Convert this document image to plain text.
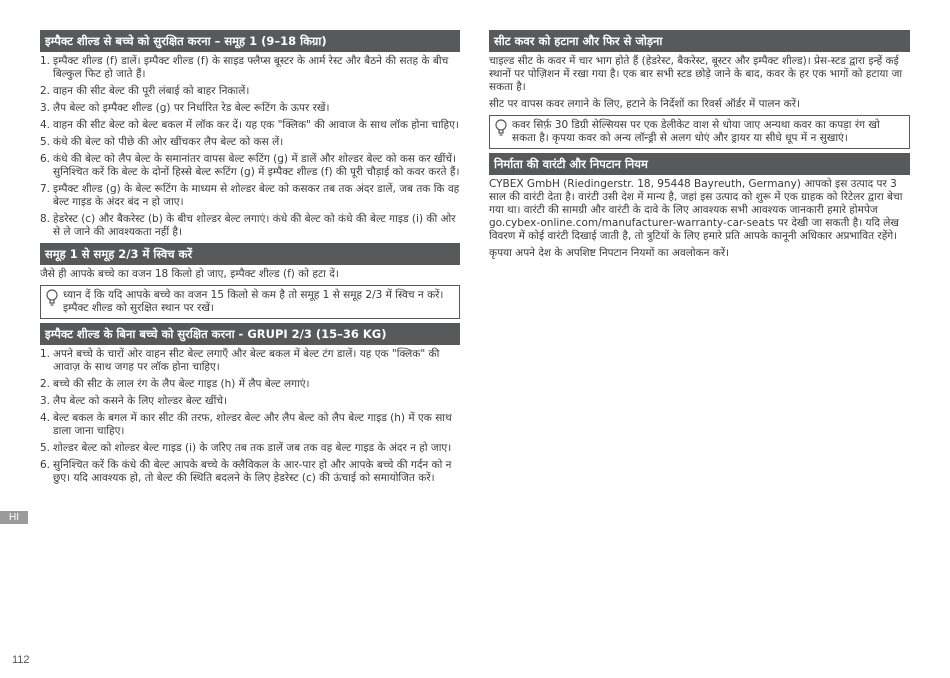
इम्पैक्ट शील्ड से बच्चे को सुरक्षित करना – समूह 1 (9–18 किग्रा)
1. इम्पैक्ट शील्ड (f) डालें। इम्पैक्ट शील्ड (f) के साइड फ्लैप्स बूस्टर के आर्म रेस्ट और बैठने की सतह के बीच बिल्कुल फिट हो जाते हैं।
2. वाहन की सीट बेल्ट की पूरी लंबाई को बाहर निकालें।
3. लैप बेल्ट को इम्पैक्ट शील्ड (g) पर निर्धारित रेड बेल्ट रूटिंग के ऊपर रखें।
4. वाहन की सीट बेल्ट को बेल्ट बकल में लॉक कर दें। यह एक "क्लिक" की आवाज के साथ लॉक होना चाहिए।
5. कंधे की बेल्ट को पीछे की ओर खींचकर लैप बेल्ट को कस लें।
6. कंधे की बेल्ट को लैप बेल्ट के समानांतर वापस बेल्ट रूटिंग (g) में डालें और शोल्डर बेल्ट को कस कर खींचें। सुनिश्चित करें कि बेल्ट के दोनों हिस्से बेल्ट रूटिंग (g) में इम्पैक्ट शील्ड (f) की पूरी चौड़ाई को कवर करते हैं।
7. इम्पैक्ट शील्ड (g) के बेल्ट रूटिंग के माध्यम से शोल्डर बेल्ट को कसकर तब तक अंदर डालें, जब तक कि वह बेल्ट गाइड के अंदर बंद न हो जाए।
8. हेडरेस्ट (c) और बैकरेस्ट (b) के बीच शोल्डर बेल्ट लगाएं। कंधे की बेल्ट को कंधे की बेल्ट गाइड (i) की ओर से ले जाने की आवश्यकता नहीं है।
समूह 1 से समूह 2/3 में स्विच करें

जैसे ही आपके बच्चे का वजन 18 किलो हो जाए, इम्पैक्ट शील्ड (f) को हटा दें।

ध्यान दें कि यदि आपके बच्चे का वजन 15 किलो से कम है तो समूह 1 से समूह 2/3 में स्विच न करें। इम्पैक्ट शील्ड को सुरक्षित स्थान पर रखें।
इम्पैक्ट शील्ड के बिना बच्चे को सुरक्षित करना - GRUPI 2/3 (15–36 KG)
1. अपने बच्चे के चारों ओर वाहन सीट बेल्ट लगाएँ और बेल्ट बकल में बेल्ट टंग डालें। यह एक "क्लिक" की आवाज़ के साथ जगह पर लॉक होना चाहिए।
2. बच्चे की सीट के लाल रंग के लैप बेल्ट गाइड (h) में लैप बेल्ट लगाएं।
3. लैप बेल्ट को कसने के लिए शोल्डर बेल्ट खींचे।
4. बेल्ट बकल के बगल में कार सीट की तरफ, शोल्डर बेल्ट और लैप बेल्ट को लैप बेल्ट गाइड (h) में एक साथ डाला जाना चाहिए।
5. शोल्डर बेल्ट को शोल्डर बेल्ट गाइड (i) के जरिए तब तक डालें जब तक वह बेल्ट गाइड के अंदर न हो जाए।
6. सुनिश्चित करें कि कंधे की बेल्ट आपके बच्चे के क्लैविकल के आर-पार हो और आपके बच्चे की गर्दन को न छुए। यदि आवश्यक हो, तो बेल्ट की स्थिति बदलने के लिए हेडरेस्ट (c) की ऊंचाई को समायोजित करें।
सीट कवर को हटाना और फिर से जोड़ना

चाइल्ड सीट के कवर में चार भाग होते हैं (हेडरेस्ट, बैकरेस्ट, बूस्टर और इम्पैक्ट शील्ड)। प्रेस-स्टड द्वारा इन्हें कई स्थानों पर पोज़िशन में रखा गया है। एक बार सभी स्टड छोड़े जाने के बाद, कवर के हर एक भागों को हटाया जा सकता है।

सीट पर वापस कवर लगाने के लिए, हटाने के निर्देशों का रिवर्स ऑर्डर में पालन करें।

कवर सिर्फ़ 30 डिग्री सेल्सियस पर एक डेलीकेट वाश से धोया जाए अन्यथा कवर का कपड़ा रंग खो सकता है। कृपया कवर को अन्य लॉन्ड्री से अलग धोएं और ड्रायर या सीधे धूप में न सुखाएं।
निर्माता की वारंटी और निपटान नियम

CYBEX GmbH (Riedingerstr. 18, 95448 Bayreuth, Germany) आपको इस उत्पाद पर 3 साल की वारंटी देता है। वारंटी उसी देश में मान्य है, जहां इस उत्पाद को शुरू में एक ग्राहक को रिटेलर द्वारा बेचा गया था। वारंटी की सामग्री और वारंटी के दावे के लिए आवश्यक सभी आवश्यक जानकारी हमारे होमपेज go.cybex-online.com/manufacturer-warranty-car-seats पर देखी जा सकती है। यदि लेख विवरण में कोई वारंटी दिखाई जाती है, तो त्रुटियों के लिए हमारे प्रति आपके कानूनी अधिकार अप्रभावित रहेंगे।

कृपया अपने देश के अपशिष्ट निपटान नियमों का अवलोकन करें।

HI
112
